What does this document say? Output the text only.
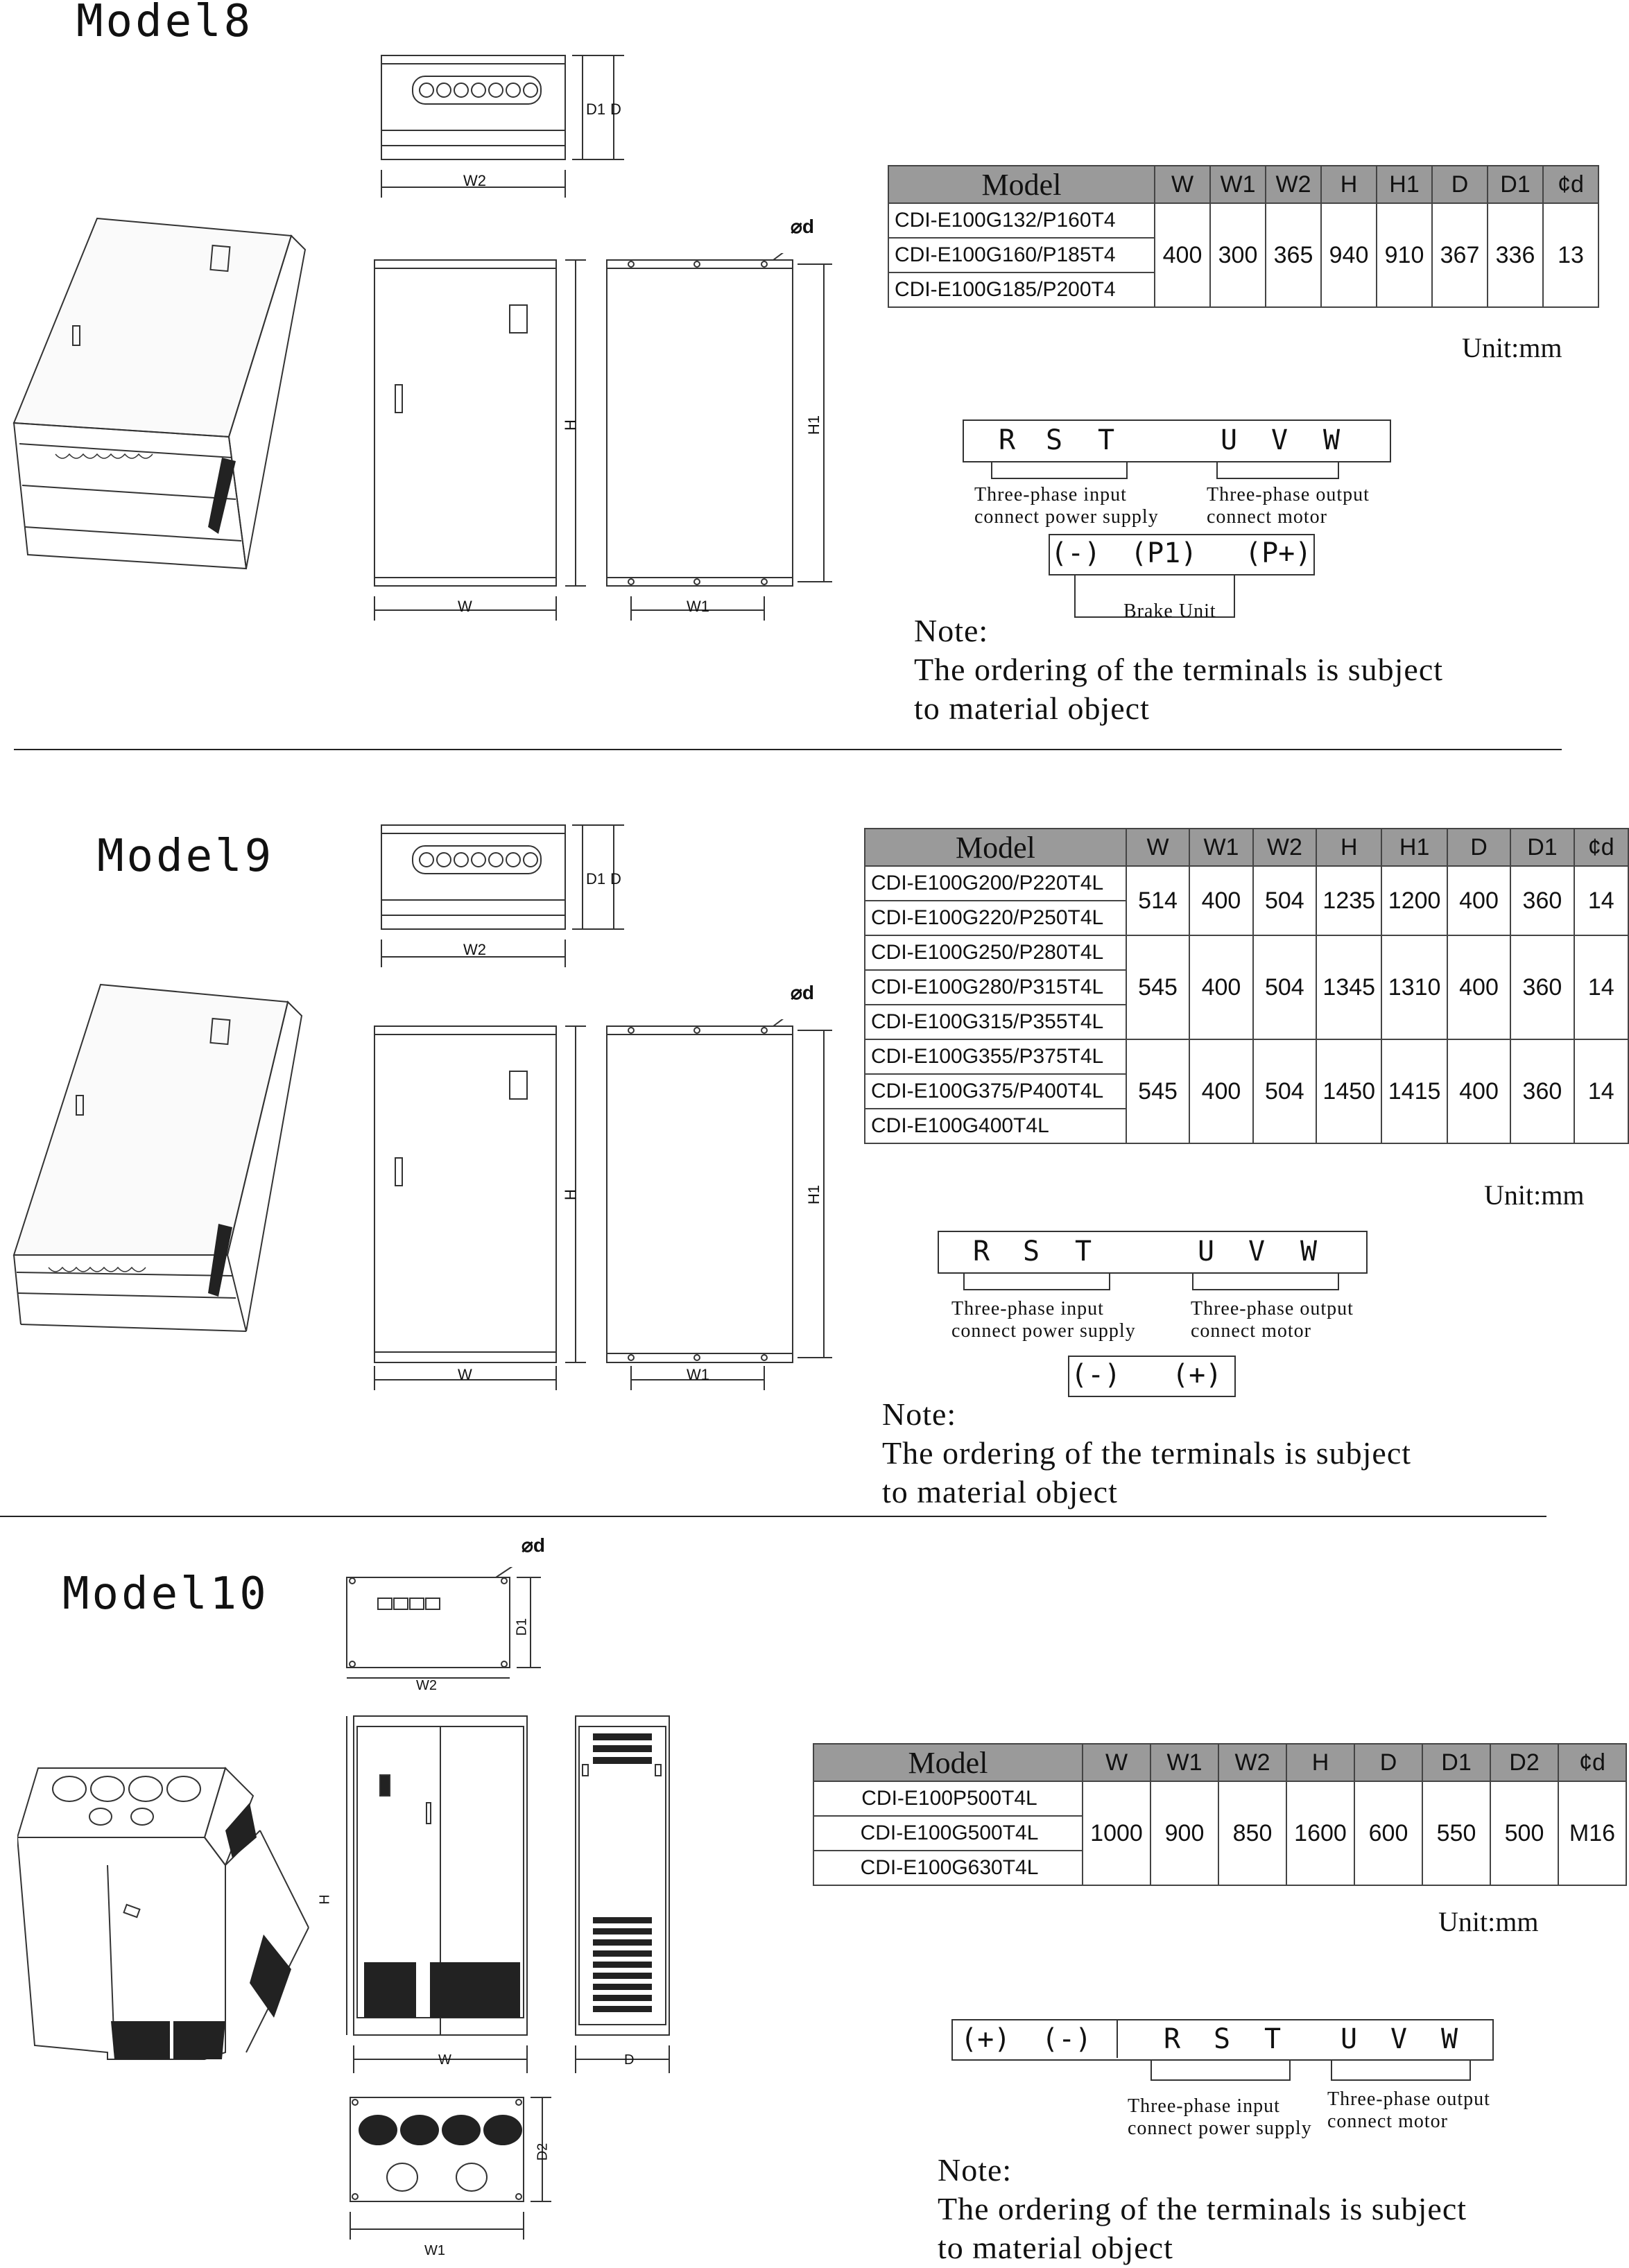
Model8
W2
D1 D
H
W
⌀d
H1
W1
Model	W	W1	W2	H	H1	D	D1	¢d
CDI-E100G132/P160T4	400	300	365	940	910	367	336	13
CDI-E100G160/P185T4								
CDI-E100G185/P200T4								
Unit:mm
R S T	U V W
Three-phase input
connect power supply
Three-phase output
connect motor
(-) (P1) (P+)
Brake Unit
Note:
The ordering of the terminals is subject
to material object
Model9
W2
D1 D
H
W
⌀d
H1
W1
Model	W	W1	W2	H	H1	D	D1	¢d
CDI-E100G200/P220T4L	514	400	504	1235	1200	400	360	14
CDI-E100G220/P250T4L								
CDI-E100G250/P280T4L	545	400	504	1345	1310	400	360	14
CDI-E100G280/P315T4L								
CDI-E100G315/P355T4L								
CDI-E100G355/P375T4L	545	400	504	1450	1415	400	360	14
CDI-E100G375/P400T4L								
CDI-E100G400T4L								
Unit:mm
R S T	U V W
Three-phase input
connect power supply
Three-phase output
connect motor
(-) (+)
Note:
The ordering of the terminals is subject
to material object
Model10
⌀d
D1
W2
H
W	D
D2
W1
Model	W	W1	W2	H	D	D1	D2	¢d
CDI-E100P500T4L	1000	900	850	1600	600	550	500	M16
CDI-E100G500T4L								
CDI-E100G630T4L								
Unit:mm
(+) (-)	R S T U V W
Three-phase input
connect power supply
Three-phase output
connect motor
Note:
The ordering of the terminals is subject
to material object
